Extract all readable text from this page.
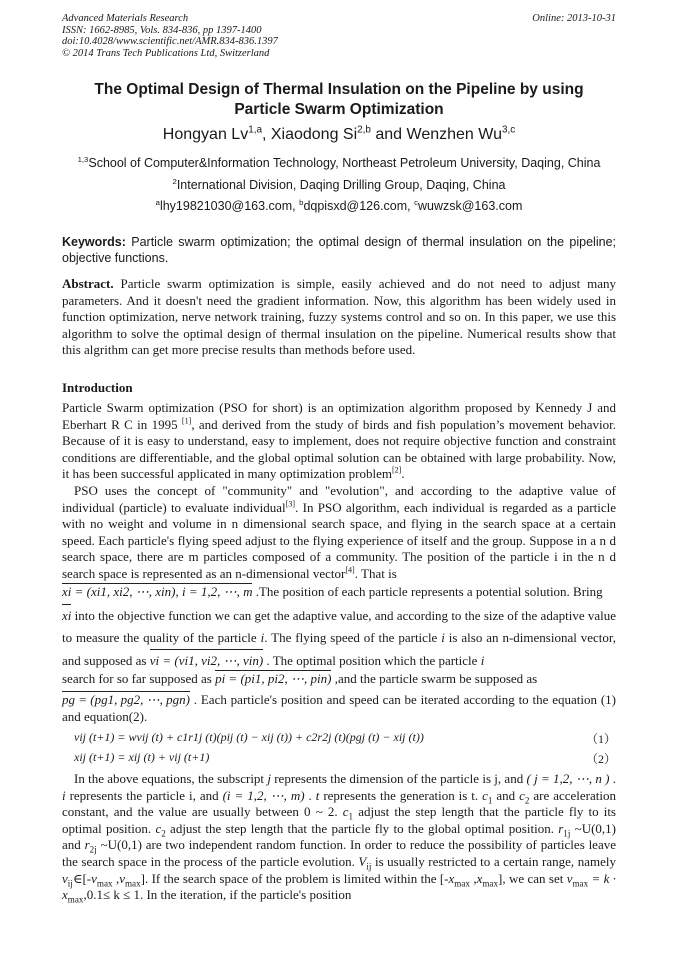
Advanced Materials Research
ISSN: 1662-8985, Vols. 834-836, pp 1397-1400
doi:10.4028/www.scientific.net/AMR.834-836.1397
© 2014 Trans Tech Publications Ltd, Switzerland
Online: 2013-10-31
The Optimal Design of Thermal Insulation on the Pipeline by using
Particle Swarm Optimization
Hongyan Lv$^{1,a}$, Xiaodong Si$^{2,b}$ and Wenzhen Wu$^{3,c}$
$^{1,3}$School of Computer&Information Technology, Northeast Petroleum University, Daqing, China
$^2$International Division, Daqing Drilling Group, Daqing, China
$^a$lhy19821030@163.com, $^b$dqpisxd@126.com, $^c$wuwzsk@163.com
Keywords: Particle swarm optimization; the optimal design of thermal insulation on the pipeline; objective functions.
Abstract. Particle swarm optimization is simple, easily achieved and do not need to adjust many parameters. And it doesn't need the gradient information. Now, this algorithm has been widely used in function optimization, nerve network training, fuzzy systems control and so on. In this paper, we use this algorithm to solve the optimal design of thermal insulation on the pipeline. Numerical results show that this algrithm can get more precise results than methods before used.
Introduction

Particle Swarm optimization (PSO for short) is an optimization algorithm proposed by Kennedy J and Eberhart R C in 1995 [1], and derived from the study of birds and fish population’s movement behavior. Because of it is easy to understand, easy to implement, does not require objective function and constraint conditions are differentiable, and the global optimal solution can be obtained with large probability. Now, it has been successful applicated in many optimization problem[2].

PSO uses the concept of "community" and "evolution", and according to the adaptive value of individual (particle) to evaluate individual[3]. In PSO algorithm, each individual is regarded as a particle with no weight and volume in n dimensional search space, and flying in the search space at a certain speed. Each particle's flying speed adjust to the flying experience of itself and the group. Suppose in a n d search space, there are m particles composed of a community. The position of the particle i in the n d search space is represented as an n-dimensional vector[4]. That is

xi = (xi1, xi2, ⋯, xin), i = 1,2, ⋯, m .The position of each particle represents a potential solution. Bring
xi into the objective function we can get the adaptive value, and according to the size of the adaptive value to measure the quality of the particle i. The flying speed of the particle i is also an n-dimensional vector, and supposed as vi = (vi1, vi2, ⋯, vin) . The optimal position which the particle i
search for so far supposed as pi = (pi1, pi2, ⋯, pin) ,and the particle swarm be supposed as
pg = (pg1, pg2, ⋯, pgn) . Each particle's position and speed can be iterated according to the equation (1) and equation(2).
vij (t+1) = wvij (t) + c1r1j (t)(pij (t) − xij (t)) + c2r2j (t)(pgj (t) − xij (t))	（1）
xij (t+1) = xij (t) + vij (t+1)	（2）

In the above equations, the subscript j represents the dimension of the particle is j, and ( j = 1,2, ⋯, n ) . i represents the particle i, and (i = 1,2, ⋯, m) . t represents the generation is t. $c_1$ and $c_2$ are acceleration constant, and the value are usually between 0 ~ 2. $c_1$ adjust the step length that the particle fly to its optimal position. $c_2$ adjust the step length that the particle fly to the global optimal position. $r_{1j}$ ~U(0,1) and $r_{2j}$ ~U(0,1) are two independent random function. In order to reduce the possibility of particles leave the search space in the process of the particle evolution. $V_{ij}$ is usually restricted to a certain range, namely $v_{ij}\in[-v_{max}$ $,v_{max}$]. If the search space of the problem is limited within the [$-x_{max}$ $,x_{max}$], we can set $v_{max} = k \cdot x_{max},0.1\le k \le 1$. In the iteration, if the particle's position
